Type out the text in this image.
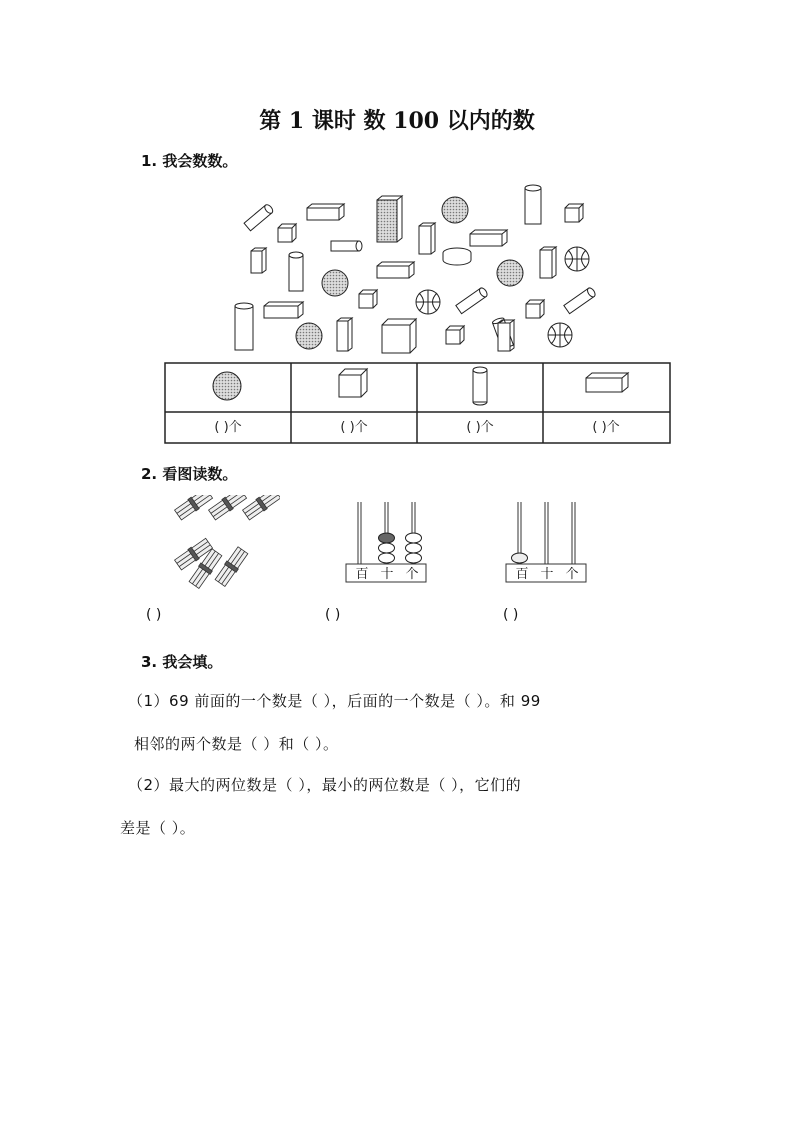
第 1 课时 数 100 以内的数
1. 我会数数。
( )个	( )个	( )个	( )个
2. 看图读数。
百 十 个	百 十 个
( )	( )	( )
3. 我会填。
（1）69 前面的一个数是（ ），后面的一个数是（ ）。和 99
相邻的两个数是（ ）和（ ）。
（2）最大的两位数是（ ），最小的两位数是（ ），它们的
差是（ ）。
